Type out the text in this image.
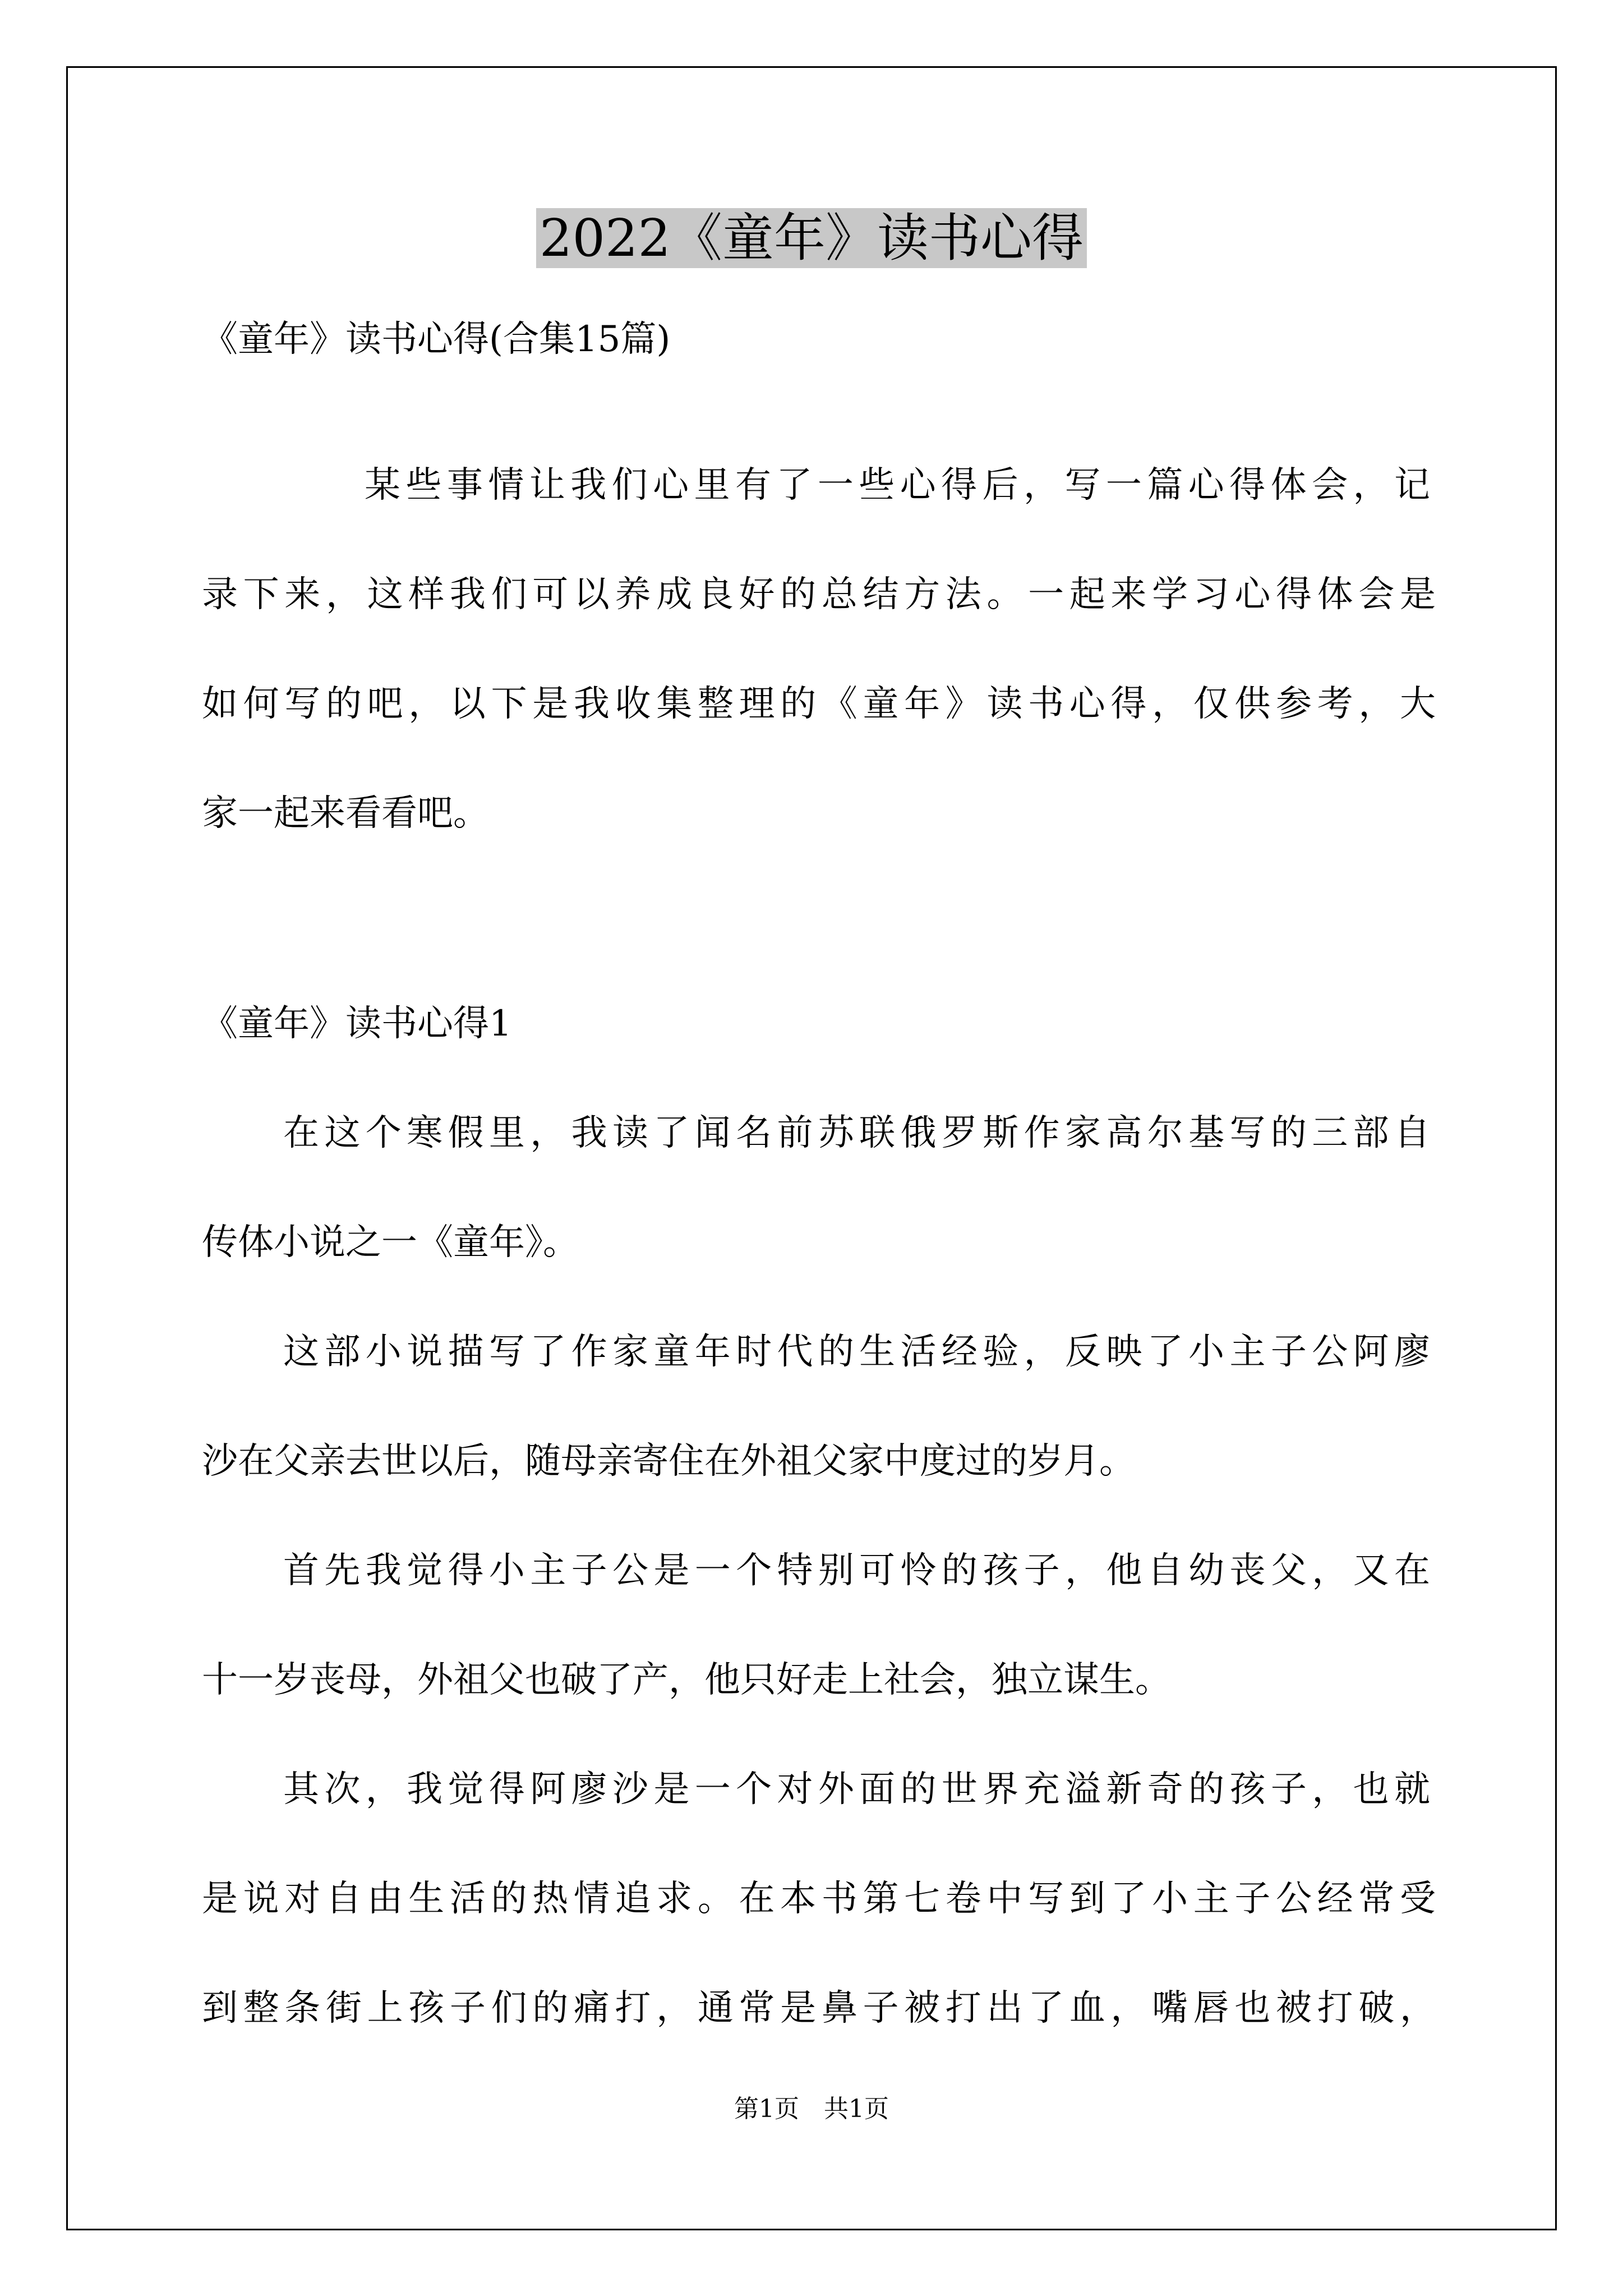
2022《童年》读书心得
《童年》读书心得(合集15篇)
某些事情让我们心里有了一些心得后，写一篇心得体会，记
录下来，这样我们可以养成良好的总结方法。一起来学习心得体会是
如何写的吧，以下是我收集整理的《童年》读书心得，仅供参考，大
家一起来看看吧。
《童年》读书心得1
在这个寒假里，我读了闻名前苏联俄罗斯作家高尔基写的三部自
传体小说之一《童年》。
这部小说描写了作家童年时代的生活经验，反映了小主子公阿廖
沙在父亲去世以后，随母亲寄住在外祖父家中度过的岁月。
首先我觉得小主子公是一个特别可怜的孩子，他自幼丧父，又在
十一岁丧母，外祖父也破了产，他只好走上社会，独立谋生。
其次，我觉得阿廖沙是一个对外面的世界充溢新奇的孩子，也就
是说对自由生活的热情追求。在本书第七卷中写到了小主子公经常受
到整条街上孩子们的痛打，通常是鼻子被打出了血，嘴唇也被打破，
第1页　共1页
